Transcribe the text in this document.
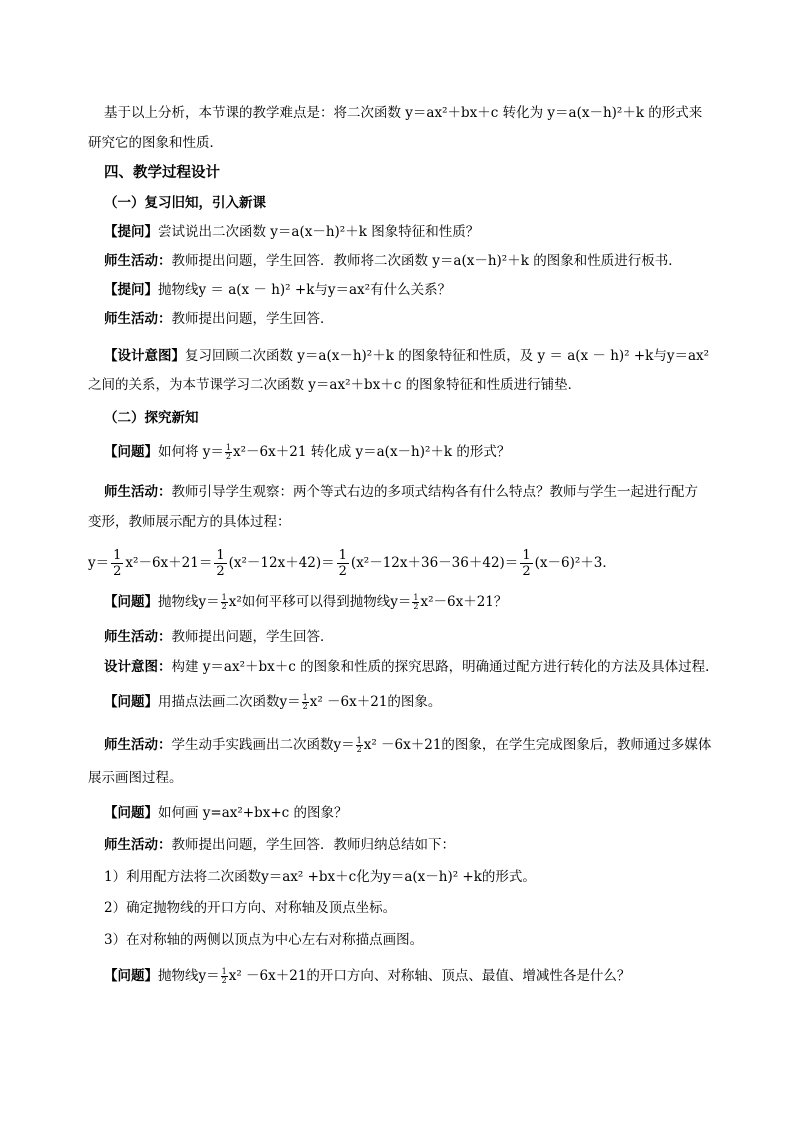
基于以上分析，本节课的教学难点是：将二次函数 y＝ax²＋bx＋c 转化为 y＝a(x－h)²＋k 的形式来
研究它的图象和性质．
四、教学过程设计
（一）复习旧知，引入新课
【提问】尝试说出二次函数 y＝a(x－h)²＋k 图象特征和性质？
师生活动：教师提出问题，学生回答．教师将二次函数 y＝a(x－h)²＋k 的图象和性质进行板书．
【提问】抛物线y ＝ a(x － h)² +k与y＝ax²有什么关系？
师生活动：教师提出问题，学生回答．
【设计意图】复习回顾二次函数 y＝a(x－h)²＋k 的图象特征和性质，及 y ＝ a(x － h)² +k与y＝ax²
之间的关系，为本节课学习二次函数 y＝ax²＋bx＋c 的图象特征和性质进行铺垫．
（二）探究新知
【问题】如何将 $y= \frac{1}{2} x^2-6x+21$ 转化成 y＝a(x－h)²＋k 的形式？
师生活动：教师引导学生观察：两个等式右边的多项式结构各有什么特点？教师与学生一起进行配方
变形，教师展示配方的具体过程：
$y= \frac{1}{2} x^2-6x+21= \frac{1}{2} (x^2-12x+42)= \frac{1}{2} (x^2-12x+36-36+42)= \frac{1}{2} (x-6)^2+3$．
【问题】抛物线$y= \frac{1}{2} x^2$如何平移可以得到抛物线$y= \frac{1}{2} x^2-6x+21$？
师生活动：教师提出问题，学生回答．
设计意图：构建 y＝ax²＋bx＋c 的图象和性质的探究思路，明确通过配方进行转化的方法及具体过程．
【问题】用描点法画二次函数$y= \frac{1}{2} x^2 -6x+21$的图象。
师生活动：学生动手实践画出二次函数$y= \frac{1}{2} x^2 -6x+21$的图象，在学生完成图象后，教师通过多媒体
展示画图过程。
【问题】如何画 y=ax²+bx+c 的图象？
师生活动：教师提出问题，学生回答．教师归纳总结如下：
1）利用配方法将二次函数y＝ax² +bx＋c化为y＝a(x－h)² +k的形式。
2）确定抛物线的开口方向、对称轴及顶点坐标。
3）在对称轴的两侧以顶点为中心左右对称描点画图。
【问题】抛物线$y= \frac{1}{2} x^2 -6x+21$的开口方向、对称轴、顶点、最值、增减性各是什么？
